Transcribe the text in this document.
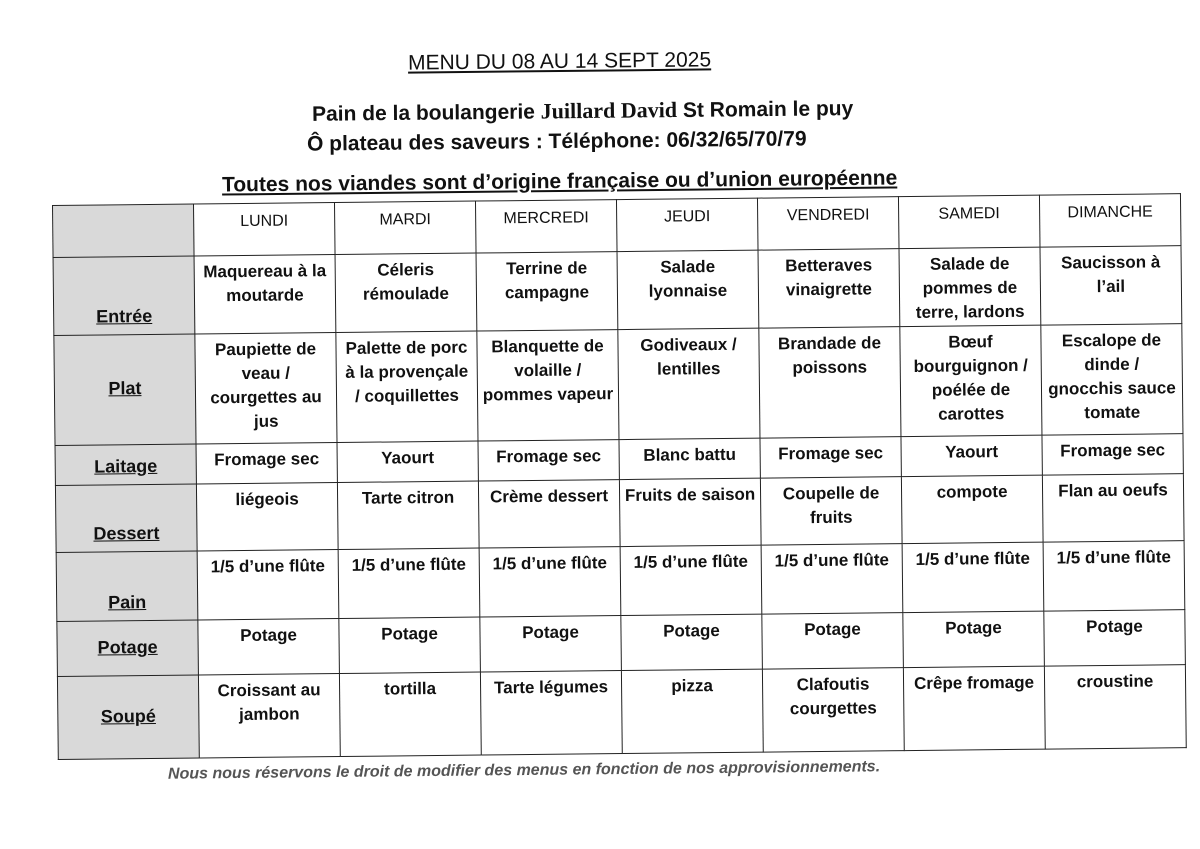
MENU DU 08 AU 14 SEPT 2025
Pain de la boulangerie Juillard David St Romain le puy
Ô plateau des saveurs : Téléphone: 06/32/65/70/79
Toutes nos viandes sont d’origine française ou d’union européenne
	LUNDI	MARDI	MERCREDI	JEUDI	VENDREDI	SAMEDI	DIMANCHE
Entrée	Maquereau à la moutarde	Céleris rémoulade	Terrine de campagne	Salade lyonnaise	Betteraves vinaigrette	Salade de pommes de terre, lardons	Saucisson à l’ail
Plat	Paupiette de veau / courgettes au jus	Palette de porc à la provençale / coquillettes	Blanquette de volaille / pommes vapeur	Godiveaux / lentilles	Brandade de poissons	Bœuf bourguignon / poélée de carottes	Escalope de dinde / gnocchis sauce tomate
Laitage	Fromage sec	Yaourt	Fromage sec	Blanc battu	Fromage sec	Yaourt	Fromage sec
Dessert	liégeois	Tarte citron	Crème dessert	Fruits de saison	Coupelle de fruits	compote	Flan au oeufs
Pain	1/5 d’une flûte	1/5 d’une flûte	1/5 d’une flûte	1/5 d’une flûte	1/5 d’une flûte	1/5 d’une flûte	1/5 d’une flûte
Potage	Potage	Potage	Potage	Potage	Potage	Potage	Potage
Soupé	Croissant au jambon	tortilla	Tarte légumes	pizza	Clafoutis courgettes	Crêpe fromage	croustine
Nous nous réservons le droit de modifier des menus en fonction de nos approvisionnements.
